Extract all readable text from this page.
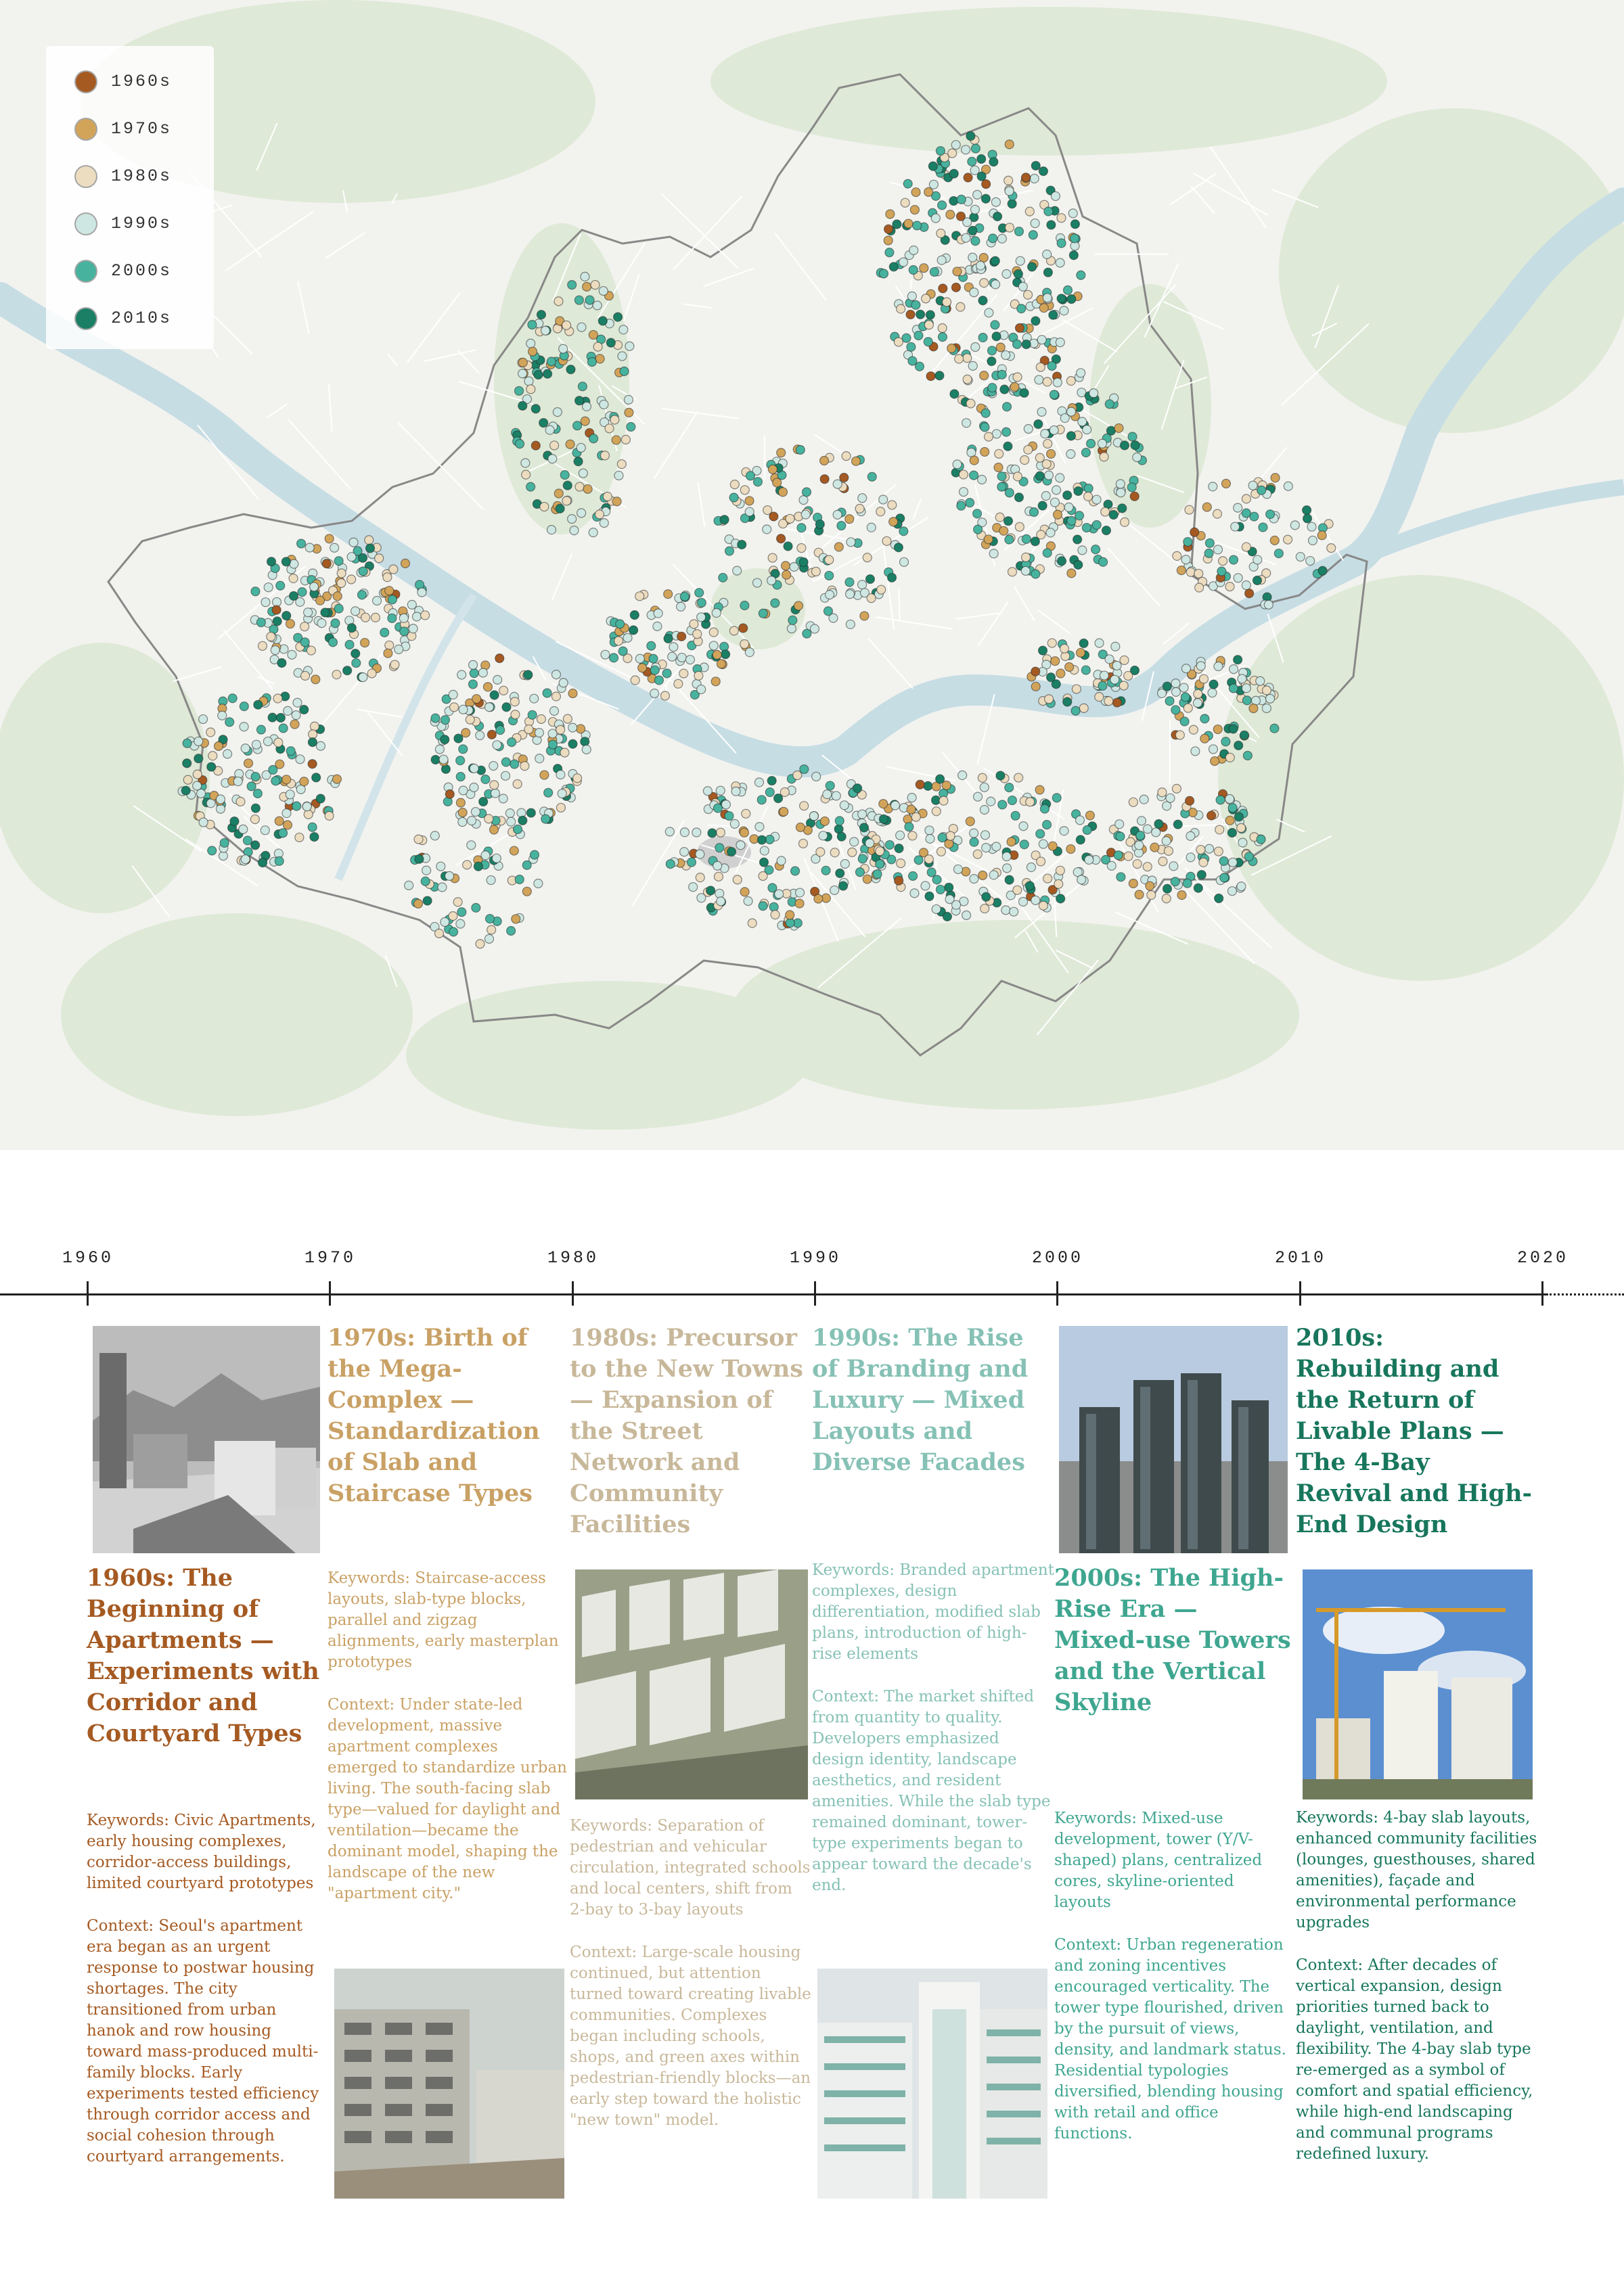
1960s
1970s
1980s
1990s
2000s
2010s
1960	1970	1980	1990	2000	2010	2020
1960s: The Beginning of Apartments — Experiments with Corridor and Courtyard Types

Keywords: Civic Apartments, early housing complexes, corridor-access buildings, limited courtyard prototypes

Context: Seoul's apartment era began as an urgent response to postwar housing shortages. The city transitioned from urban hanok and row housing toward mass-produced multi-family blocks. Early experiments tested efficiency through corridor access and social cohesion through courtyard arrangements.

1970s: Birth of the Mega-Complex — Standardization of Slab and Staircase Types

Keywords: Staircase-access layouts, slab-type blocks, parallel and zigzag alignments, early masterplan prototypes

Context: Under state-led development, massive apartment complexes emerged to standardize urban living. The south-facing slab type—valued for daylight and ventilation—became the dominant model, shaping the landscape of the new "apartment city."

1980s: Precursor to the New Towns — Expansion of the Street Network and Community Facilities

Keywords: Separation of pedestrian and vehicular circulation, integrated schools and local centers, shift from 2-bay to 3-bay layouts

Context: Large-scale housing continued, but attention turned toward creating livable communities. Complexes began including schools, shops, and green axes within pedestrian-friendly blocks—an early step toward the holistic "new town" model.

1990s: The Rise of Branding and Luxury — Mixed Layouts and Diverse Facades

Keywords: Branded apartment complexes, design differentiation, modified slab plans, introduction of high-rise elements

Context: The market shifted from quantity to quality. Developers emphasized design identity, landscape aesthetics, and resident amenities. While the slab type remained dominant, tower-type experiments began to appear toward the decade's end.

2000s: The High-Rise Era — Mixed-use Towers and the Vertical Skyline

Keywords: Mixed-use development, tower (Y/V-shaped) plans, centralized cores, skyline-oriented layouts

Context: Urban regeneration and zoning incentives encouraged verticality. The tower type flourished, driven by the pursuit of views, density, and landmark status. Residential typologies diversified, blending housing with retail and office functions.

2010s: Rebuilding and the Return of Livable Plans — The 4-Bay Revival and High-End Design

Keywords: 4-bay slab layouts, enhanced community facilities (lounges, guesthouses, shared amenities), façade and environmental performance upgrades

Context: After decades of vertical expansion, design priorities turned back to daylight, ventilation, and flexibility. The 4-bay slab type re-emerged as a symbol of comfort and spatial efficiency, while high-end landscaping and communal programs redefined luxury.
